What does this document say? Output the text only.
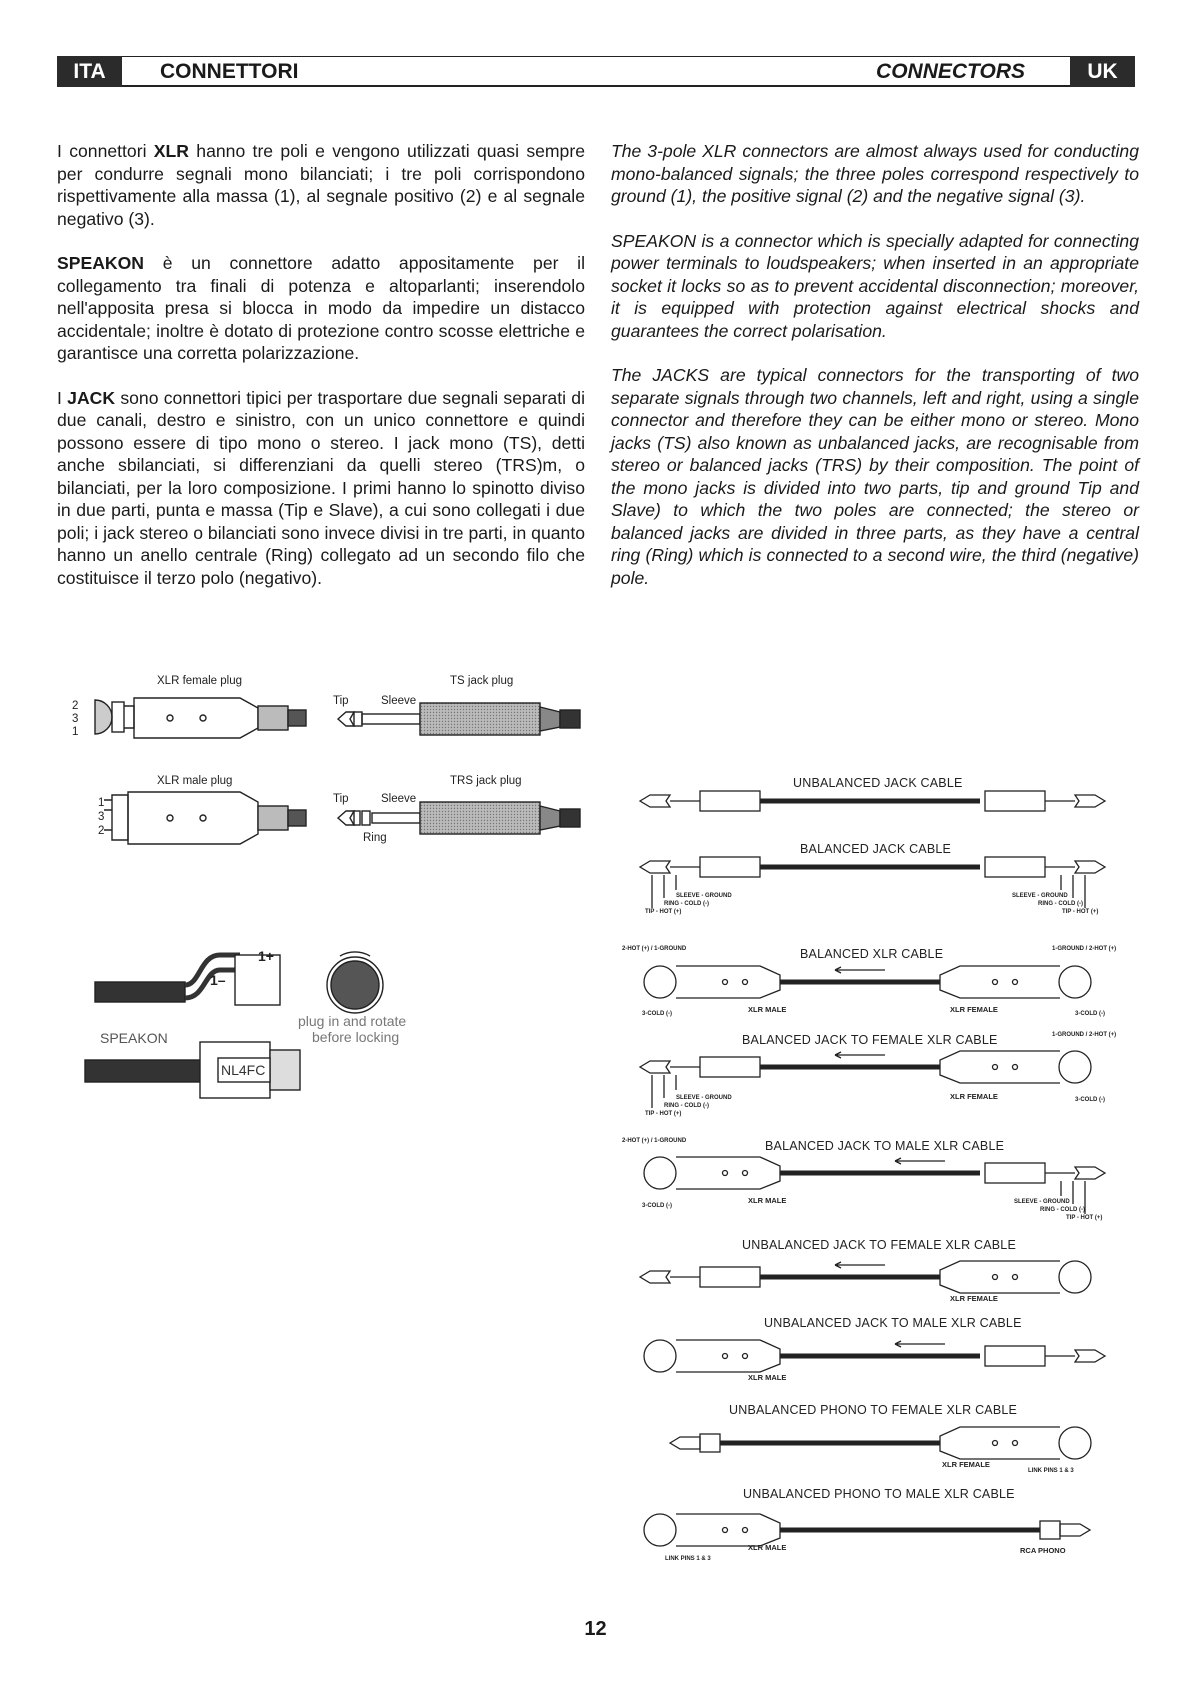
ITA	CONNETTORI	CONNECTORS	UK

I connettori XLR hanno tre poli e vengono utilizzati quasi sempre per condurre segnali mono bilanciati; i tre poli corrispondono rispettivamente alla massa (1), al segnale positivo (2) e al segnale negativo (3).

SPEAKON è un connettore adatto appositamente per il collegamento tra finali di potenza e altoparlanti; inserendolo nell'apposita presa si blocca in modo da impedire un distacco accidentale; inoltre è dotato di protezione contro scosse elettriche e garantisce una corretta polarizzazione.

I JACK sono connettori tipici per trasportare due segnali separati di due canali, destro e sinistro, con un unico connettore e quindi possono essere di tipo mono o stereo. I jack mono (TS), detti anche sbilanciati, si differenziani da quelli stereo (TRS)m, o bilanciati, per la loro composizione. I primi hanno lo spinotto diviso in due parti, punta e massa (Tip e Slave), a cui sono collegati i due poli; i jack stereo o bilanciati sono invece divisi in tre parti, in quanto hanno un anello centrale (Ring) collegato ad un secondo filo che costituisce il terzo polo (negativo).

The 3-pole XLR connectors are almost always used for conducting mono-balanced signals; the three poles correspond respectively to ground (1), the positive signal (2) and the negative signal (3).

SPEAKON is a connector which is specially adapted for connecting power terminals to loudspeakers; when inserted in an appropriate socket it locks so as to prevent accidental disconnection; moreover, it is equipped with protection against electrical shocks and guarantees the correct polarisation.

The JACKS are typical connectors for the transporting of two separate signals through two channels, left and right, using a single connector and therefore they can be either mono or stereo. Mono jacks (TS) also known as unbalanced jacks, are recognisable from stereo or balanced jacks (TRS) by their composition. The point of the mono jacks is divided into two parts, tip and ground Tip and Slave) to which the two poles are connected; the stereo or balanced jacks are divided in three parts, as they have a central ring (Ring) which is connected to a second wire, the third (negative) pole.

XLR female plug
2
3
1
TS jack plug
Tip	Sleeve
XLR male plug
1
3
2
TRS jack plug
Tip	Sleeve
Ring
1+
1–
plug in and rotate
before locking
SPEAKON
NL4FC
UNBALANCED JACK CABLE
BALANCED JACK CABLE
SLEEVE - GROUND
RING - COLD (-)
TIP - HOT (+)
SLEEVE - GROUND
RING - COLD (-)
TIP - HOT (+)
BALANCED XLR CABLE
2-HOT (+) / 1-GROUND	1-GROUND / 2-HOT (+)
3-COLD (-)	XLR MALE	XLR FEMALE	3-COLD (-)
BALANCED JACK TO FEMALE XLR CABLE	1-GROUND / 2-HOT (+)
SLEEVE - GROUND
RING - COLD (-)
TIP - HOT (+)
XLR FEMALE	3-COLD (-)
BALANCED JACK TO MALE XLR CABLE
2-HOT (+) / 1-GROUND
XLR MALE
3-COLD (-)
SLEEVE - GROUND
RING - COLD (-)
TIP - HOT (+)
UNBALANCED JACK TO FEMALE XLR CABLE
XLR FEMALE
UNBALANCED JACK TO MALE XLR CABLE
XLR MALE
UNBALANCED PHONO TO FEMALE XLR CABLE
XLR FEMALE
LINK PINS 1 & 3
UNBALANCED PHONO TO MALE XLR CABLE
XLR MALE	RCA PHONO
LINK PINS 1 & 3
12
